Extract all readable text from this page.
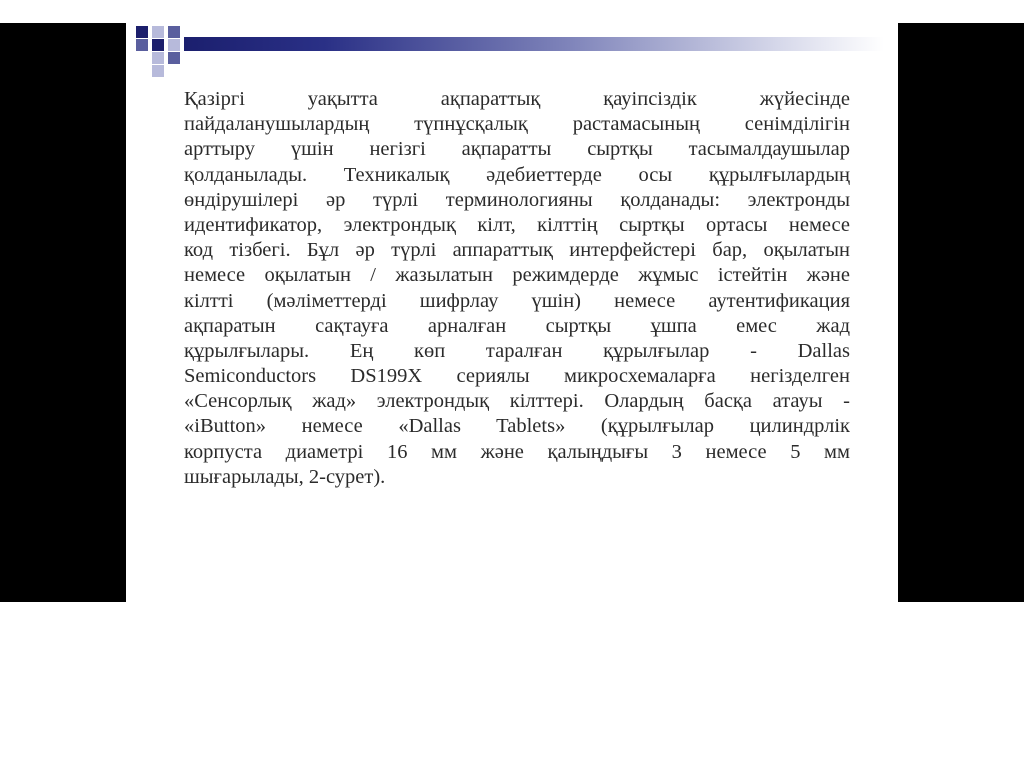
Қазіргі уақытта ақпараттық қауіпсіздік жүйесінде
пайдаланушылардың түпнұсқалық растамасының сенімділігін
арттыру үшін негізгі ақпаратты сыртқы тасымалдаушылар
қолданылады. Техникалық әдебиеттерде осы құрылғылардың
өндірушілері әр түрлі терминологияны қолданады: электронды
идентификатор, электрондық кілт, кілттің сыртқы ортасы немесе
код тізбегі. Бұл әр түрлі аппараттық интерфейстері бар, оқылатын
немесе оқылатын / жазылатын режимдерде жұмыс істейтін және
кілтті (мәліметтерді шифрлау үшін) немесе аутентификация
ақпаратын сақтауға арналған сыртқы ұшпа емес жад
құрылғылары. Ең көп таралған құрылғылар - Dallas
Semiconductors DS199X сериялы микросхемаларға негізделген
«Сенсорлық жад» электрондық кілттері. Олардың басқа атауы -
«iButton» немесе «Dallas Tablets» (құрылғылар цилиндрлік
корпуста диаметрі 16 мм және қалыңдығы 3 немесе 5 мм
шығарылады, 2-сурет).
